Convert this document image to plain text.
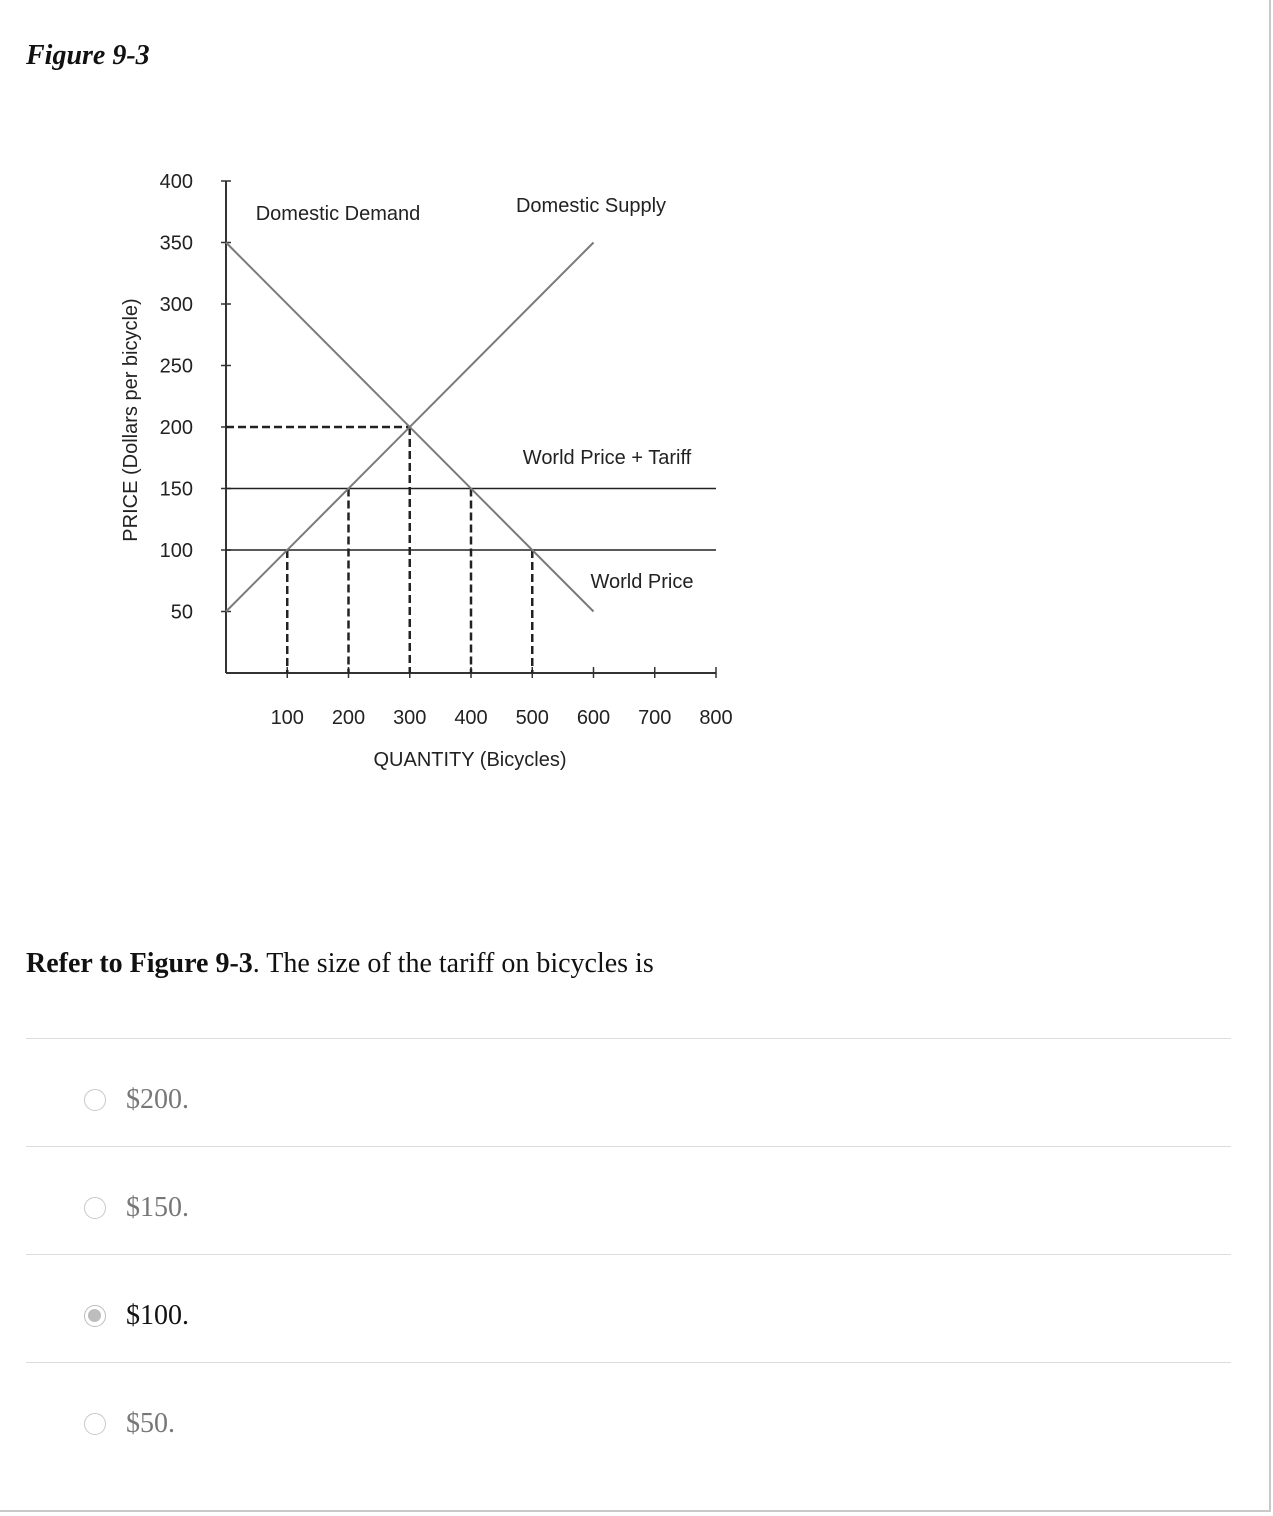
Figure 9-3
50
100
150
200
250
300
350
400
100 200 300 400 500 600 700 800
QUANTITY (Bicycles)
PRICE (Dollars per bicycle)
Domestic Demand	Domestic Supply
World Price + Tariff
World Price
Refer to Figure 9-3. The size of the tariff on bicycles is
$200.
$150.
$100.
$50.
